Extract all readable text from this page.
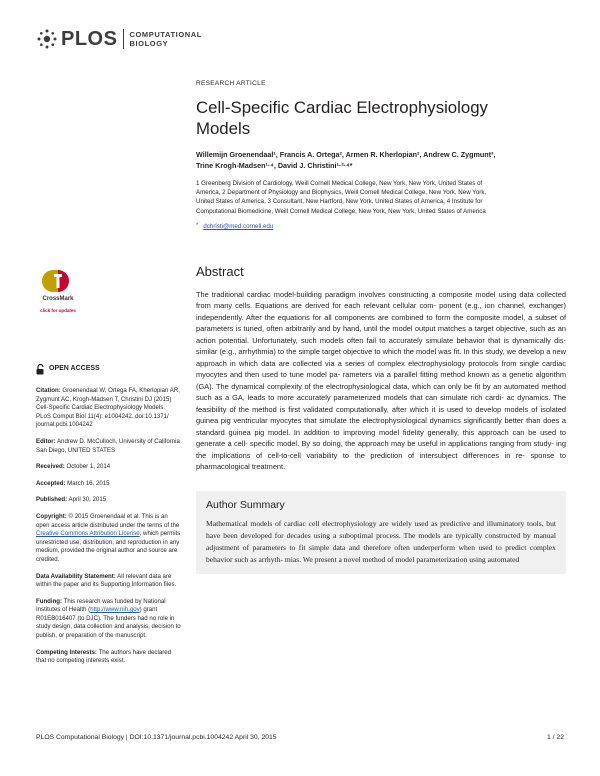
PLOS COMPUTATIONAL
BIOLOGY
CrossMark
click for updates
OPEN ACCESS
Citation: Groenendaal W, Ortega FA, Kherlopian AR,
Zygmunt AC, Krogh-Madsen T, Christini DJ (2015)
Cell-Specific Cardiac Electrophysiology Models.
PLoS Comput Biol 11(4): e1004242. doi:10.1371/
journal.pcbi.1004242
Editor: Andrew D. McCulloch, University of California
San Diego, UNITED STATES
Received: October 1, 2014
Accepted: March 16, 2015
Published: April 30, 2015
Copyright: © 2015 Groenendaal et al. This is an
open access article distributed under the terms of the
Creative Commons Attribution License, which permits
unrestricted use, distribution, and reproduction in any
medium, provided the original author and source are
credited.
Data Availability Statement: All relevant data are
within the paper and its Supporting Information files.
Funding: This research was funded by National
Institutes of Health (http://www.nih.gov) grant
R01EB016407 (to DJC). The funders had no role in
study design, data collection and analysis, decision to
publish, or preparation of the manuscript.
Competing Interests: The authors have declared
that no competing interests exist.
RESEARCH ARTICLE
Cell-Specific Cardiac Electrophysiology
Models
Willemijn Groenendaal¹, Francis A. Ortega², Armen R. Kherlopian², Andrew C. Zygmunt³,
Trine Krogh-Madsen¹·⁴, David J. Christini¹·²·⁴*
1 Greenberg Division of Cardiology, Weill Cornell Medical College, New York, New York, United States of
America, 2 Department of Physiology and Biophysics, Weill Cornell Medical College, New York, New York,
United States of America, 3 Consultant, New Hartford, New York, United States of America, 4 Institute for
Computational Biomedicine, Weill Cornell Medical College, New York, New York, United States of America
* dchristi@med.cornell.edu
Abstract
The traditional cardiac model-building paradigm involves constructing a composite model using data collected from many cells. Equations are derived for each relevant cellular com- ponent (e.g., ion channel, exchanger) independently. After the equations for all components are combined to form the composite model, a subset of parameters is tuned, often arbitrarily and by hand, until the model output matches a target objective, such as an action potential. Unfortunately, such models often fail to accurately simulate behavior that is dynamically dis- similar (e.g., arrhythmia) to the simple target objective to which the model was fit. In this study, we develop a new approach in which data are collected via a series of complex electrophysiology protocols from single cardiac myocytes and then used to tune model pa- rameters via a parallel fitting method known as a genetic algorithm (GA). The dynamical complexity of the electrophysiological data, which can only be fit by an automated method such as a GA, leads to more accurately parameterized models that can simulate rich cardi- ac dynamics. The feasibility of the method is first validated computationally, after which it is used to develop models of isolated guinea pig ventricular myocytes that simulate the electrophysiological dynamics significantly better than does a standard guinea pig model. In addition to improving model fidelity generally, this approach can be used to generate a cell- specific model. By so doing, the approach may be useful in applications ranging from study- ing the implications of cell-to-cell variability to the prediction of intersubject differences in re- sponse to pharmacological treatment.
Author Summary
Mathematical models of cardiac cell electrophysiology are widely used as predictive and illuminatory tools, but have been developed for decades using a suboptimal process. The models are typically constructed by manual adjustment of parameters to fit simple data and therefore often underperform when used to predict complex behavior such as arrhyth- mias. We present a novel method of model parameterization using automated
PLOS Computational Biology | DOI:10.1371/journal.pcbi.1004242 April 30, 2015	1 / 22
